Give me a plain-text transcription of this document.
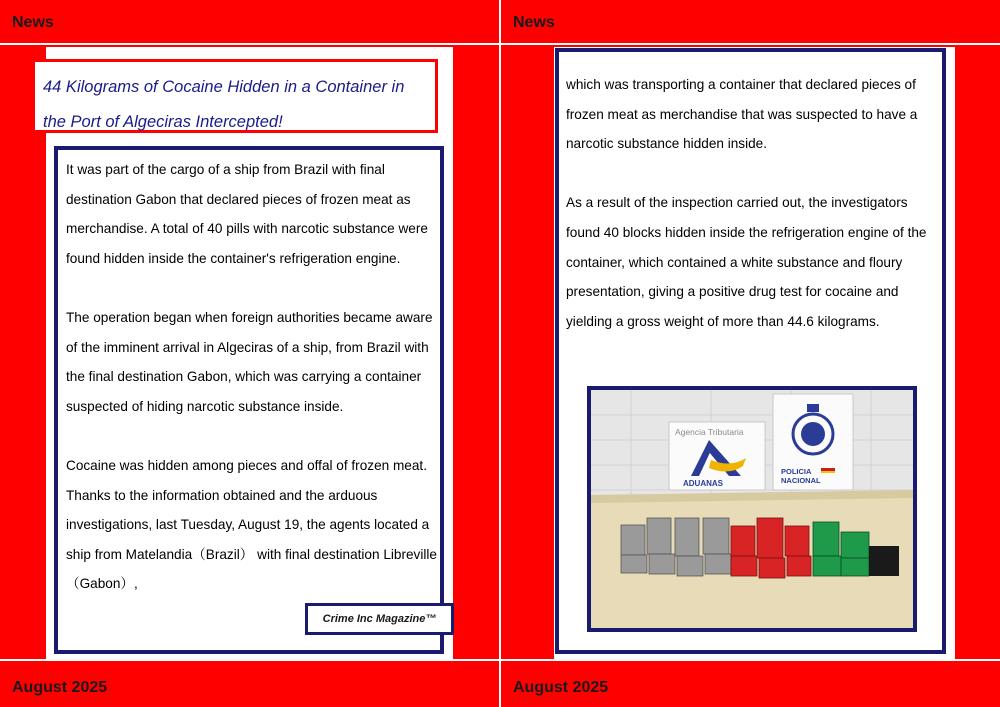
News
44 Kilograms of Cocaine Hidden in a Container in the Port of Algeciras Intercepted!

It was part of the cargo of a ship from Brazil with final destination Gabon that declared pieces of frozen meat as merchandise. A total of 40 pills with narcotic substance were found hidden inside the container's refrigeration engine.

The operation began when foreign authorities became aware of the imminent arrival in Algeciras of a ship, from Brazil with the final destination Gabon, which was carrying a container suspected of hiding narcotic substance inside.

Cocaine was hidden among pieces and offal of frozen meat. Thanks to the information obtained and the arduous investigations, last Tuesday, August 19, the agents located a ship from Matelandia（Brazil） with final destination Libreville（Gabon）,

Crime Inc Magazine™
August 2025
News

which was transporting a container that declared pieces of frozen meat as merchandise that was suspected to have a narcotic substance hidden inside.

As a result of the inspection carried out, the investigators found 40 blocks hidden inside the refrigeration engine of the container, which contained a white substance and floury presentation, giving a positive drug test for cocaine and yielding a gross weight of more than 44.6 kilograms.

Agencia Tributaria
ADUANAS
POLICIA
NACIONAL
August 2025
